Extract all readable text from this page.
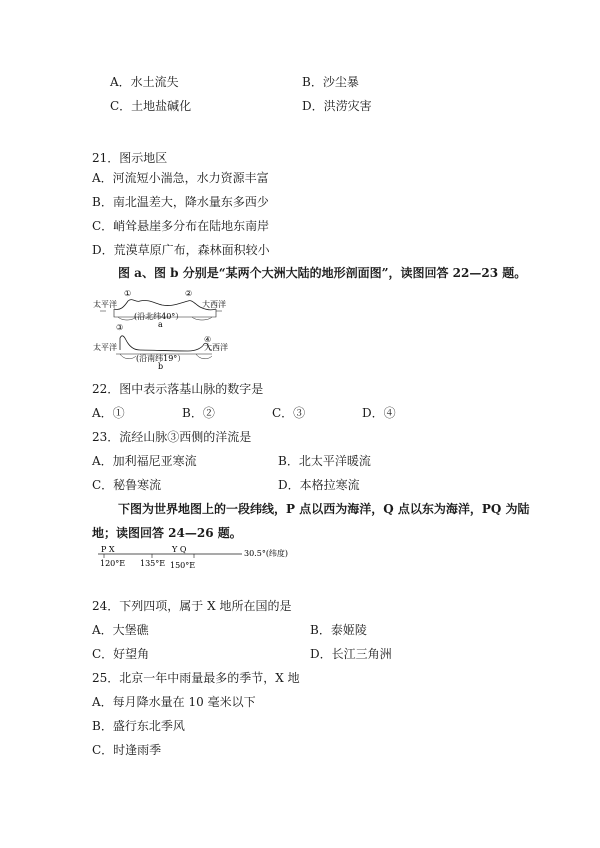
A．水土流失	B．沙尘暴
C．土地盐碱化	D．洪涝灾害
21．图示地区
A．河流短小湍急，水力资源丰富
B．南北温差大，降水量东多西少
C．峭耸悬崖多分布在陆地东南岸
D．荒漠草原广布，森林面积较小
图 a、图 b 分别是“某两个大洲大陆的地形剖面图”，读图回答 22—23 题。
太平洋	大西洋
①	②
(沿北纬40°）
a
太平洋	大西洋
③
④
(沿南纬19°）
b
22．图中表示落基山脉的数字是
A．①	B．②	C．③	D．④
23．流经山脉③西侧的洋流是
A．加利福尼亚寒流	B．北太平洋暖流
C．秘鲁寒流	D．本格拉寒流
下图为世界地图上的一段纬线，P 点以西为海洋，Q 点以东为海洋，PQ 为陆
地；读图回答 24—26 题。
P X	Y Q
120°E 135°E 150°E
30.5°(纬度)
24．下列四项，属于 X 地所在国的是
A．大堡礁	B．泰姬陵
C．好望角	D．长江三角洲
25．北京一年中雨量最多的季节，X 地
A．每月降水量在 10 毫米以下
B．盛行东北季风
C．时逢雨季
